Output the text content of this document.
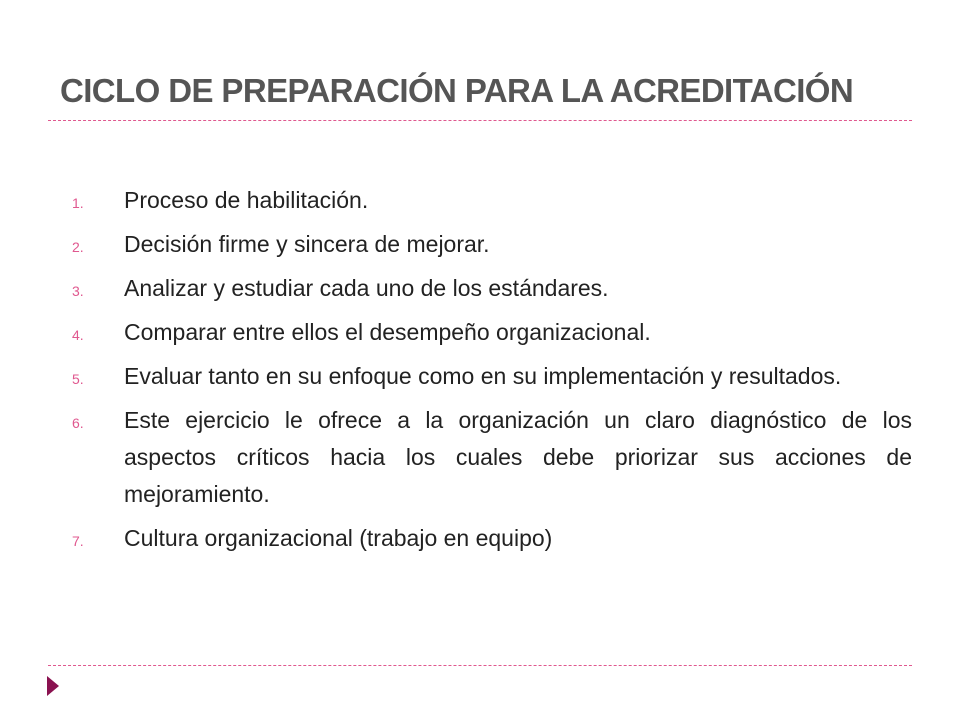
CICLO DE PREPARACIÓN PARA LA ACREDITACIÓN
1. Proceso de habilitación.
2. Decisión firme y sincera de mejorar.
3. Analizar y estudiar cada uno de los estándares.
4. Comparar entre ellos el desempeño organizacional.
5. Evaluar tanto en su enfoque como en su implementación y resultados.
6. Este ejercicio le ofrece a la organización un claro diagnóstico de los aspectos críticos hacia los cuales debe priorizar sus acciones de mejoramiento.
7. Cultura organizacional (trabajo en equipo)
